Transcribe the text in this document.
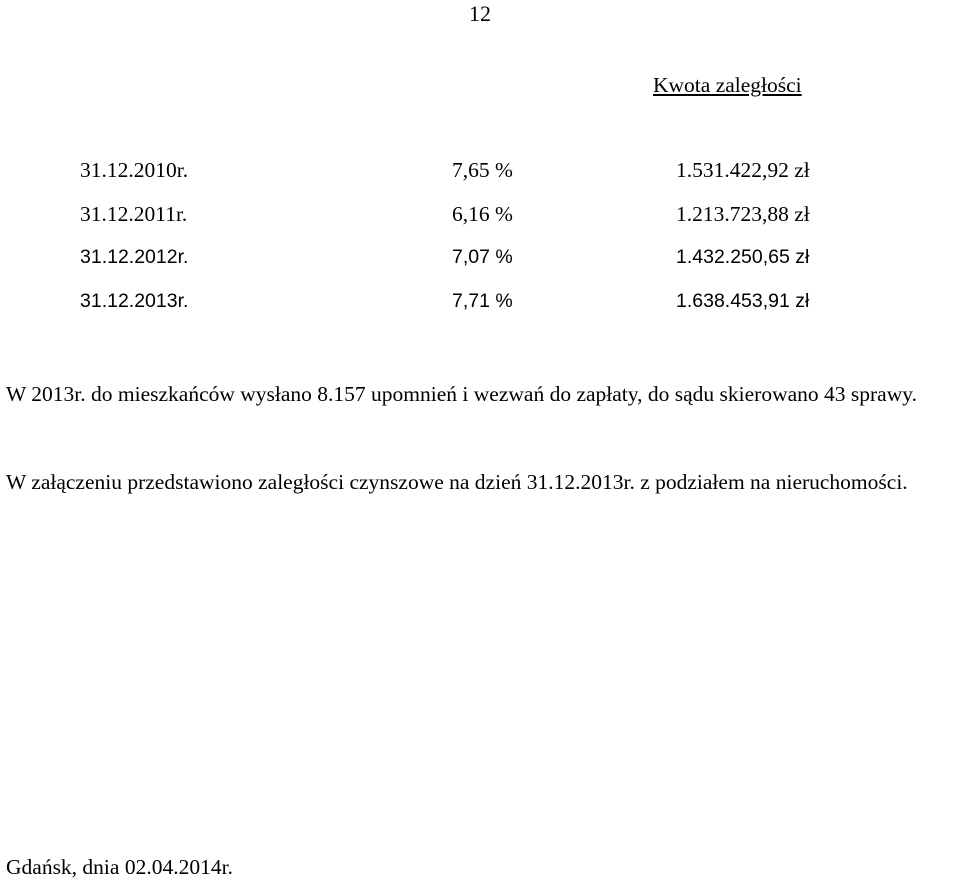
12
Kwota zaległości
31.12.2010r.	7,65 %	1.531.422,92 zł
31.12.2011r.	6,16 %	1.213.723,88 zł
31.12.2012r.	7,07 %	1.432.250,65 zł
31.12.2013r.	7,71 %	1.638.453,91 zł

W 2013r. do mieszkańców wysłano 8.157 upomnień i wezwań do zapłaty, do sądu skierowano 43 sprawy.

W załączeniu przedstawiono zaległości czynszowe na dzień 31.12.2013r. z podziałem na nieruchomości.

Gdańsk, dnia 02.04.2014r.
